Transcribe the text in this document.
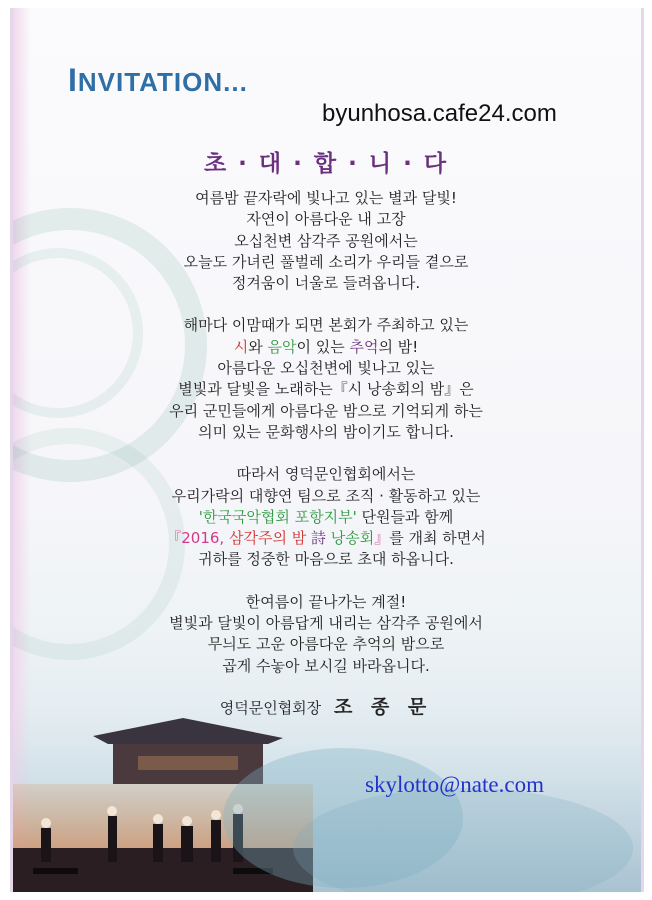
INVITATION...
byunhosa.cafe24.com
초 · 대 · 합 · 니 · 다
여름밤 끝자락에 빛나고 있는 별과 달빛!
자연이 아름다운 내 고장
오십천변 삼각주 공원에서는
오늘도 가녀린 풀벌레 소리가 우리들 곁으로
정겨움이 너울로 들려옵니다.
해마다 이맘때가 되면 본회가 주최하고 있는
시와 음악이 있는 추억의 밤!
아름다운 오십천변에 빛나고 있는
별빛과 달빛을 노래하는『시 낭송회의 밤』은
우리 군민들에게 아름다운 밤으로 기억되게 하는
의미 있는 문화행사의 밤이기도 합니다.
따라서 영덕문인협회에서는
우리가락의 대향연 팀으로 조직 · 활동하고 있는
'한국국악협회 포항지부' 단원들과 함께
『2016, 삼각주의 밤 詩 낭송회』를 개최 하면서
귀하를 정중한 마음으로 초대 하옵니다.
한여름이 끝나가는 계절!
별빛과 달빛이 아름답게 내리는 삼각주 공원에서
무늬도 고운 아름다운 추억의 밤으로
곱게 수놓아 보시길 바라옵니다.
영덕문인협회장 조 종 문
skylotto@nate.com
